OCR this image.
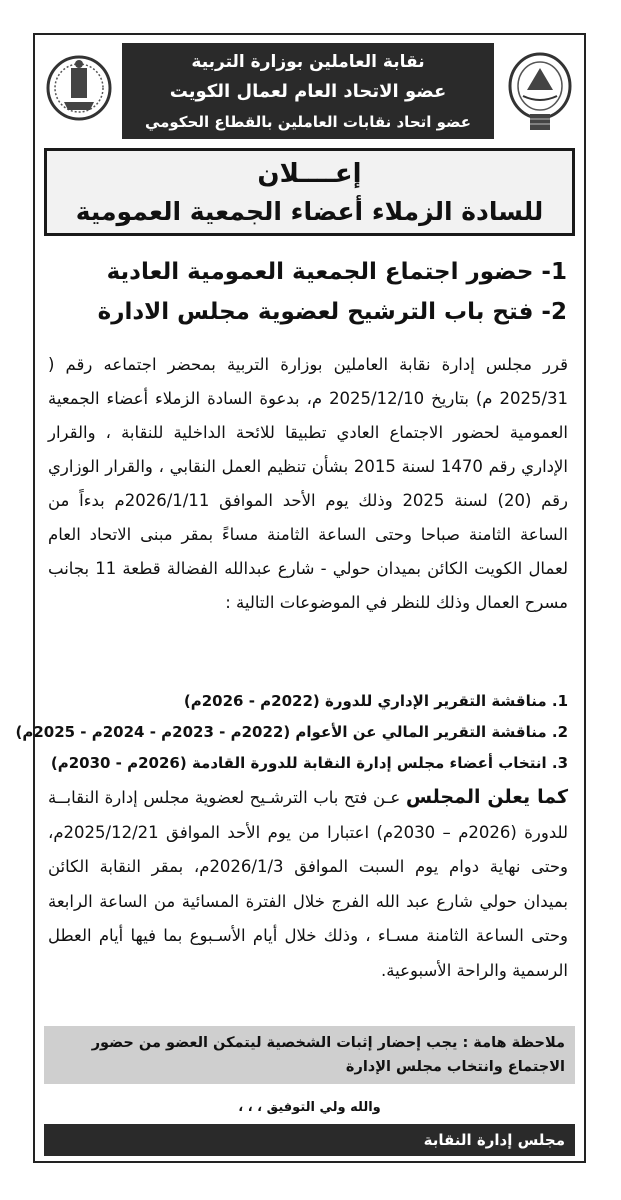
نقابة العاملين بوزارة التربية
عضو الاتحاد العام لعمال الكويت
عضو اتحاد نقابات العاملين بالقطاع الحكومي
إعــــلان
للسادة الزملاء أعضاء الجمعية العمومية
1- حضور اجتماع الجمعية العمومية العادية
2- فتح باب الترشيح لعضوية مجلس الادارة
قرر مجلس إدارة نقابة العاملين بوزارة التربية بمحضر اجتماعه رقم ( 2025/31 م) بتاريخ 2025/12/10 م، بدعوة السادة الزملاء أعضاء الجمعية العمومية لحضور الاجتماع العادي تطبيقا للائحة الداخلية للنقابة ، والقرار الإداري رقم 1470 لسنة 2015 بشأن تنظيم العمل النقابي ، والقرار الوزاري رقم (20) لسنة 2025 وذلك يوم الأحد الموافق 2026/1/11م بدءاً من الساعة الثامنة صباحا وحتى الساعة الثامنة مساءً بمقر مبنى الاتحاد العام لعمال الكويت الكائن بميدان حولي - شارع عبدالله الفضالة قطعة 11 بجانب مسرح العمال وذلك للنظر في الموضوعات التالية :
1. مناقشة التقرير الإداري للدورة (2022م - 2026م)
2. مناقشة التقرير المالي عن الأعوام (2022م - 2023م - 2024م - 2025م)
3. انتخاب أعضاء مجلس إدارة النقابة للدورة القادمة (2026م - 2030م)
كما يعلن المجلس عـن فتح باب الترشـيح لعضوية مجلس إدارة النقابــة للدورة (2026م – 2030م) اعتبارا من يوم الأحد الموافق 2025/12/21م، وحتى نهاية دوام يوم السبت الموافق 2026/1/3م، بمقر النقابة الكائن بميدان حولي شارع عبد الله الفرج خلال الفترة المسائية من الساعة الرابعة وحتى الساعة الثامنة مسـاء ، وذلك خلال أيام الأسـبوع بما فيها أيام العطل الرسمية والراحة الأسبوعية.
ملاحظة هامة : يجب إحضار إثبات الشخصية ليتمكن العضو من حضور الاجتماع وانتخاب مجلس الإدارة
والله ولي التوفيق ، ، ،
مجلس إدارة النقابة
